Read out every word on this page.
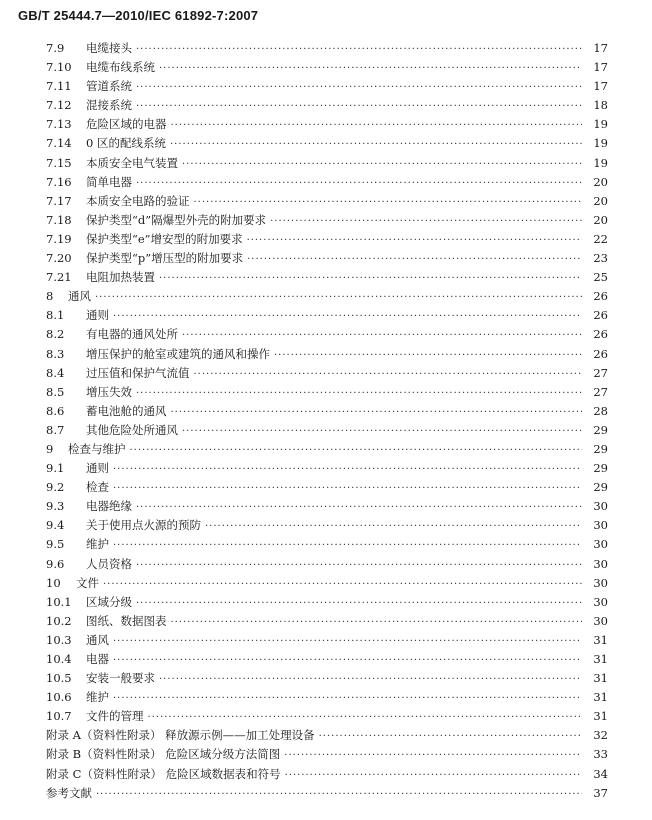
GB/T 25444.7—2010/IEC 61892-7:2007
7.9	电缆接头 ·····	17
7.10	电缆布线系统 ·····	17
7.11	管道系统 ·····	17
7.12	混接系统 ·····	18
7.13	危险区域的电器 ·····	19
7.14	0 区的配线系统 ·····	19
7.15	本质安全电气装置 ·····	19
7.16	简单电器 ·····	20
7.17	本质安全电路的验证 ·····	20
7.18	保护类型“d”隔爆型外壳的附加要求 ·····	20
7.19	保护类型“e”增安型的附加要求 ·····	22
7.20	保护类型“p”增压型的附加要求 ·····	23
7.21	电阻加热装置 ·····	25
8	通风 ·····	26
8.1	通则 ·····	26
8.2	有电器的通风处所 ·····	26
8.3	增压保护的舱室或建筑的通风和操作 ·····	26
8.4	过压值和保护气流值 ·····	27
8.5	增压失效 ·····	27
8.6	蓄电池舱的通风 ·····	28
8.7	其他危险处所通风 ·····	29
9	检查与维护 ·····	29
9.1	通则 ·····	29
9.2	检查 ·····	29
9.3	电器绝缘 ·····	30
9.4	关于使用点火源的预防 ·····	30
9.5	维护 ·····	30
9.6	人员资格 ·····	30
10	文件 ·····	30
10.1	区域分级 ·····	30
10.2	图纸、数据图表 ·····	30
10.3	通风 ·····	31
10.4	电器 ·····	31
10.5	安装一般要求 ·····	31
10.6	维护 ·····	31
10.7	文件的管理 ·····	31
附录 A（资料性附录） 释放源示例——加工处理设备 ·····	32
附录 B（资料性附录） 危险区域分级方法简图 ·····	33
附录 C（资料性附录） 危险区域数据表和符号 ·····	34
参考文献 ·····	37
